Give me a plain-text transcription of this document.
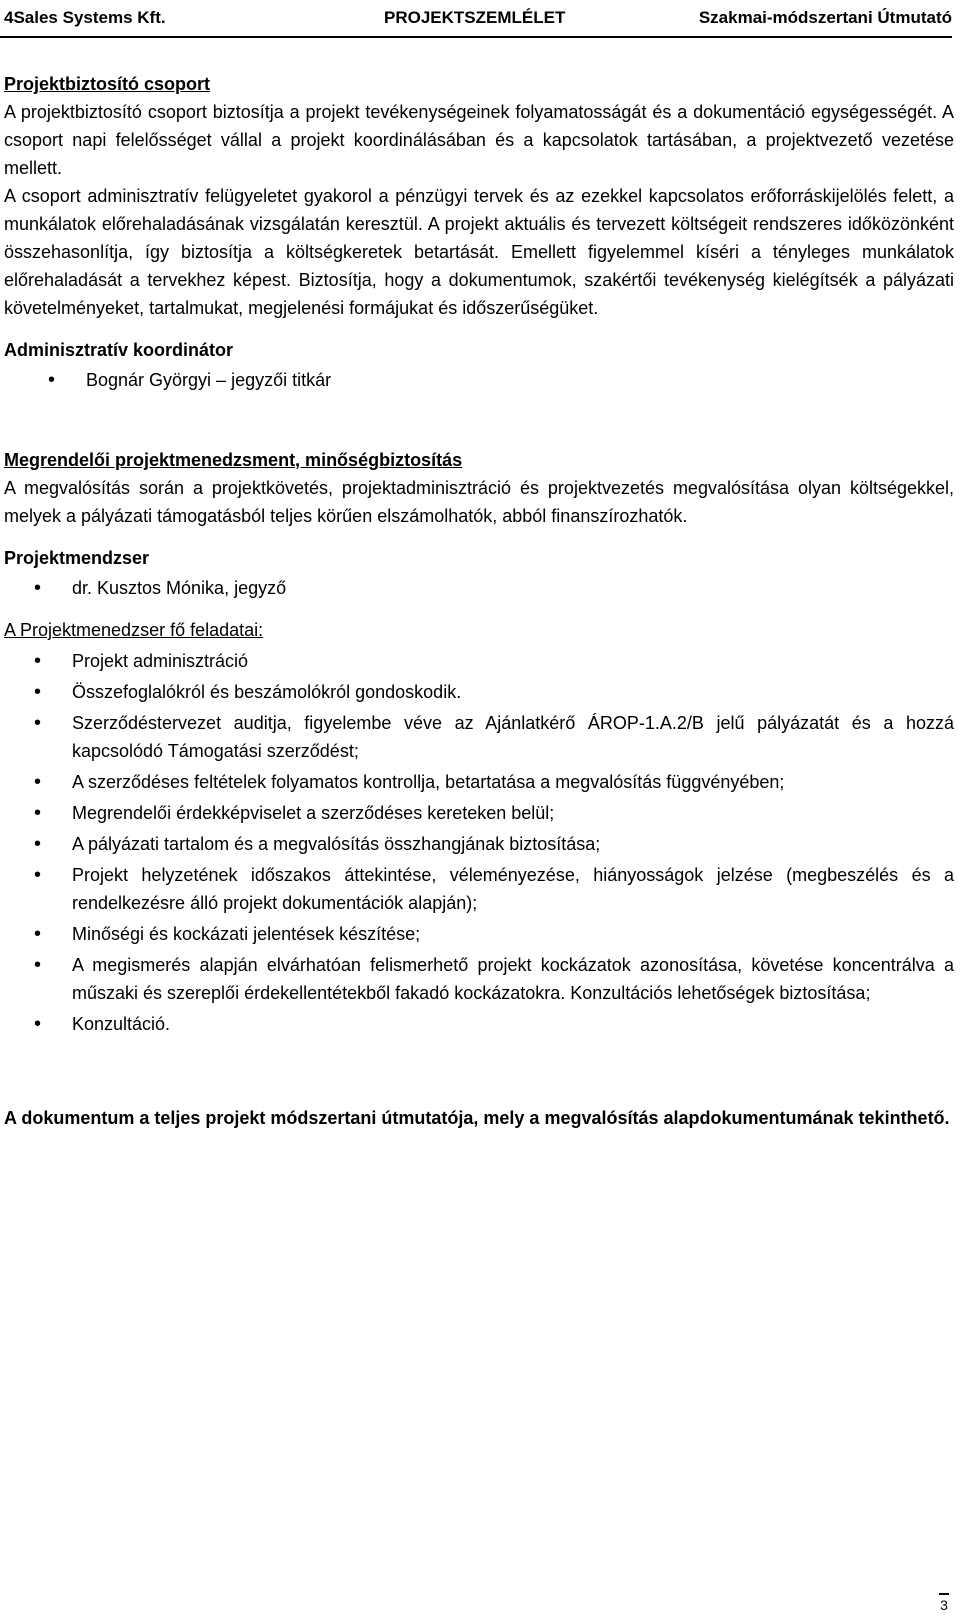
4Sales Systems Kft.	PROJEKTSZEMLÉLET	Szakmai-módszertani Útmutató

Projektbiztosító csoport

A projektbiztosító csoport biztosítja a projekt tevékenységeinek folyamatosságát és a dokumentáció egységességét. A csoport napi felelősséget vállal a projekt koordinálásában és a kapcsolatok tartásában, a projektvezető vezetése mellett.

A csoport adminisztratív felügyeletet gyakorol a pénzügyi tervek és az ezekkel kapcsolatos erőforráskijelölés felett, a munkálatok előrehaladásának vizsgálatán keresztül. A projekt aktuális és tervezett költségeit rendszeres időközönként összehasonlítja, így biztosítja a költségkeretek betartását. Emellett figyelemmel kíséri a tényleges munkálatok előrehaladását a tervekhez képest. Biztosítja, hogy a dokumentumok, szakértői tevékenység kielégítsék a pályázati követelményeket, tartalmukat, megjelenési formájukat és időszerűségüket.

Adminisztratív koordinátor

• Bognár Györgyi – jegyzői titkár

Megrendelői projektmenedzsment, minőségbiztosítás

A megvalósítás során a projektkövetés, projektadminisztráció és projektvezetés megvalósítása olyan költségekkel, melyek a pályázati támogatásból teljes körűen elszámolhatók, abból finanszírozhatók.

Projektmendzser

• dr. Kusztos Mónika, jegyző

A Projektmenedzser fő feladatai:

• Projekt adminisztráció
• Összefoglalókról és beszámolókról gondoskodik.
• Szerződéstervezet auditja, figyelembe véve az Ajánlatkérő ÁROP-1.A.2/B jelű pályázatát és a hozzá kapcsolódó Támogatási szerződést;
• A szerződéses feltételek folyamatos kontrollja, betartatása a megvalósítás függvényében;
• Megrendelői érdekképviselet a szerződéses kereteken belül;
• A pályázati tartalom és a megvalósítás összhangjának biztosítása;
• Projekt helyzetének időszakos áttekintése, véleményezése, hiányosságok jelzése (megbeszélés és a rendelkezésre álló projekt dokumentációk alapján);
• Minőségi és kockázati jelentések készítése;
• A megismerés alapján elvárhatóan felismerhető projekt kockázatok azonosítása, követése koncentrálva a műszaki és szereplői érdekellentétekből fakadó kockázatokra. Konzultációs lehetőségek biztosítása;
• Konzultáció.

A dokumentum a teljes projekt módszertani útmutatója, mely a megvalósítás alapdokumentumának tekinthető.

3
